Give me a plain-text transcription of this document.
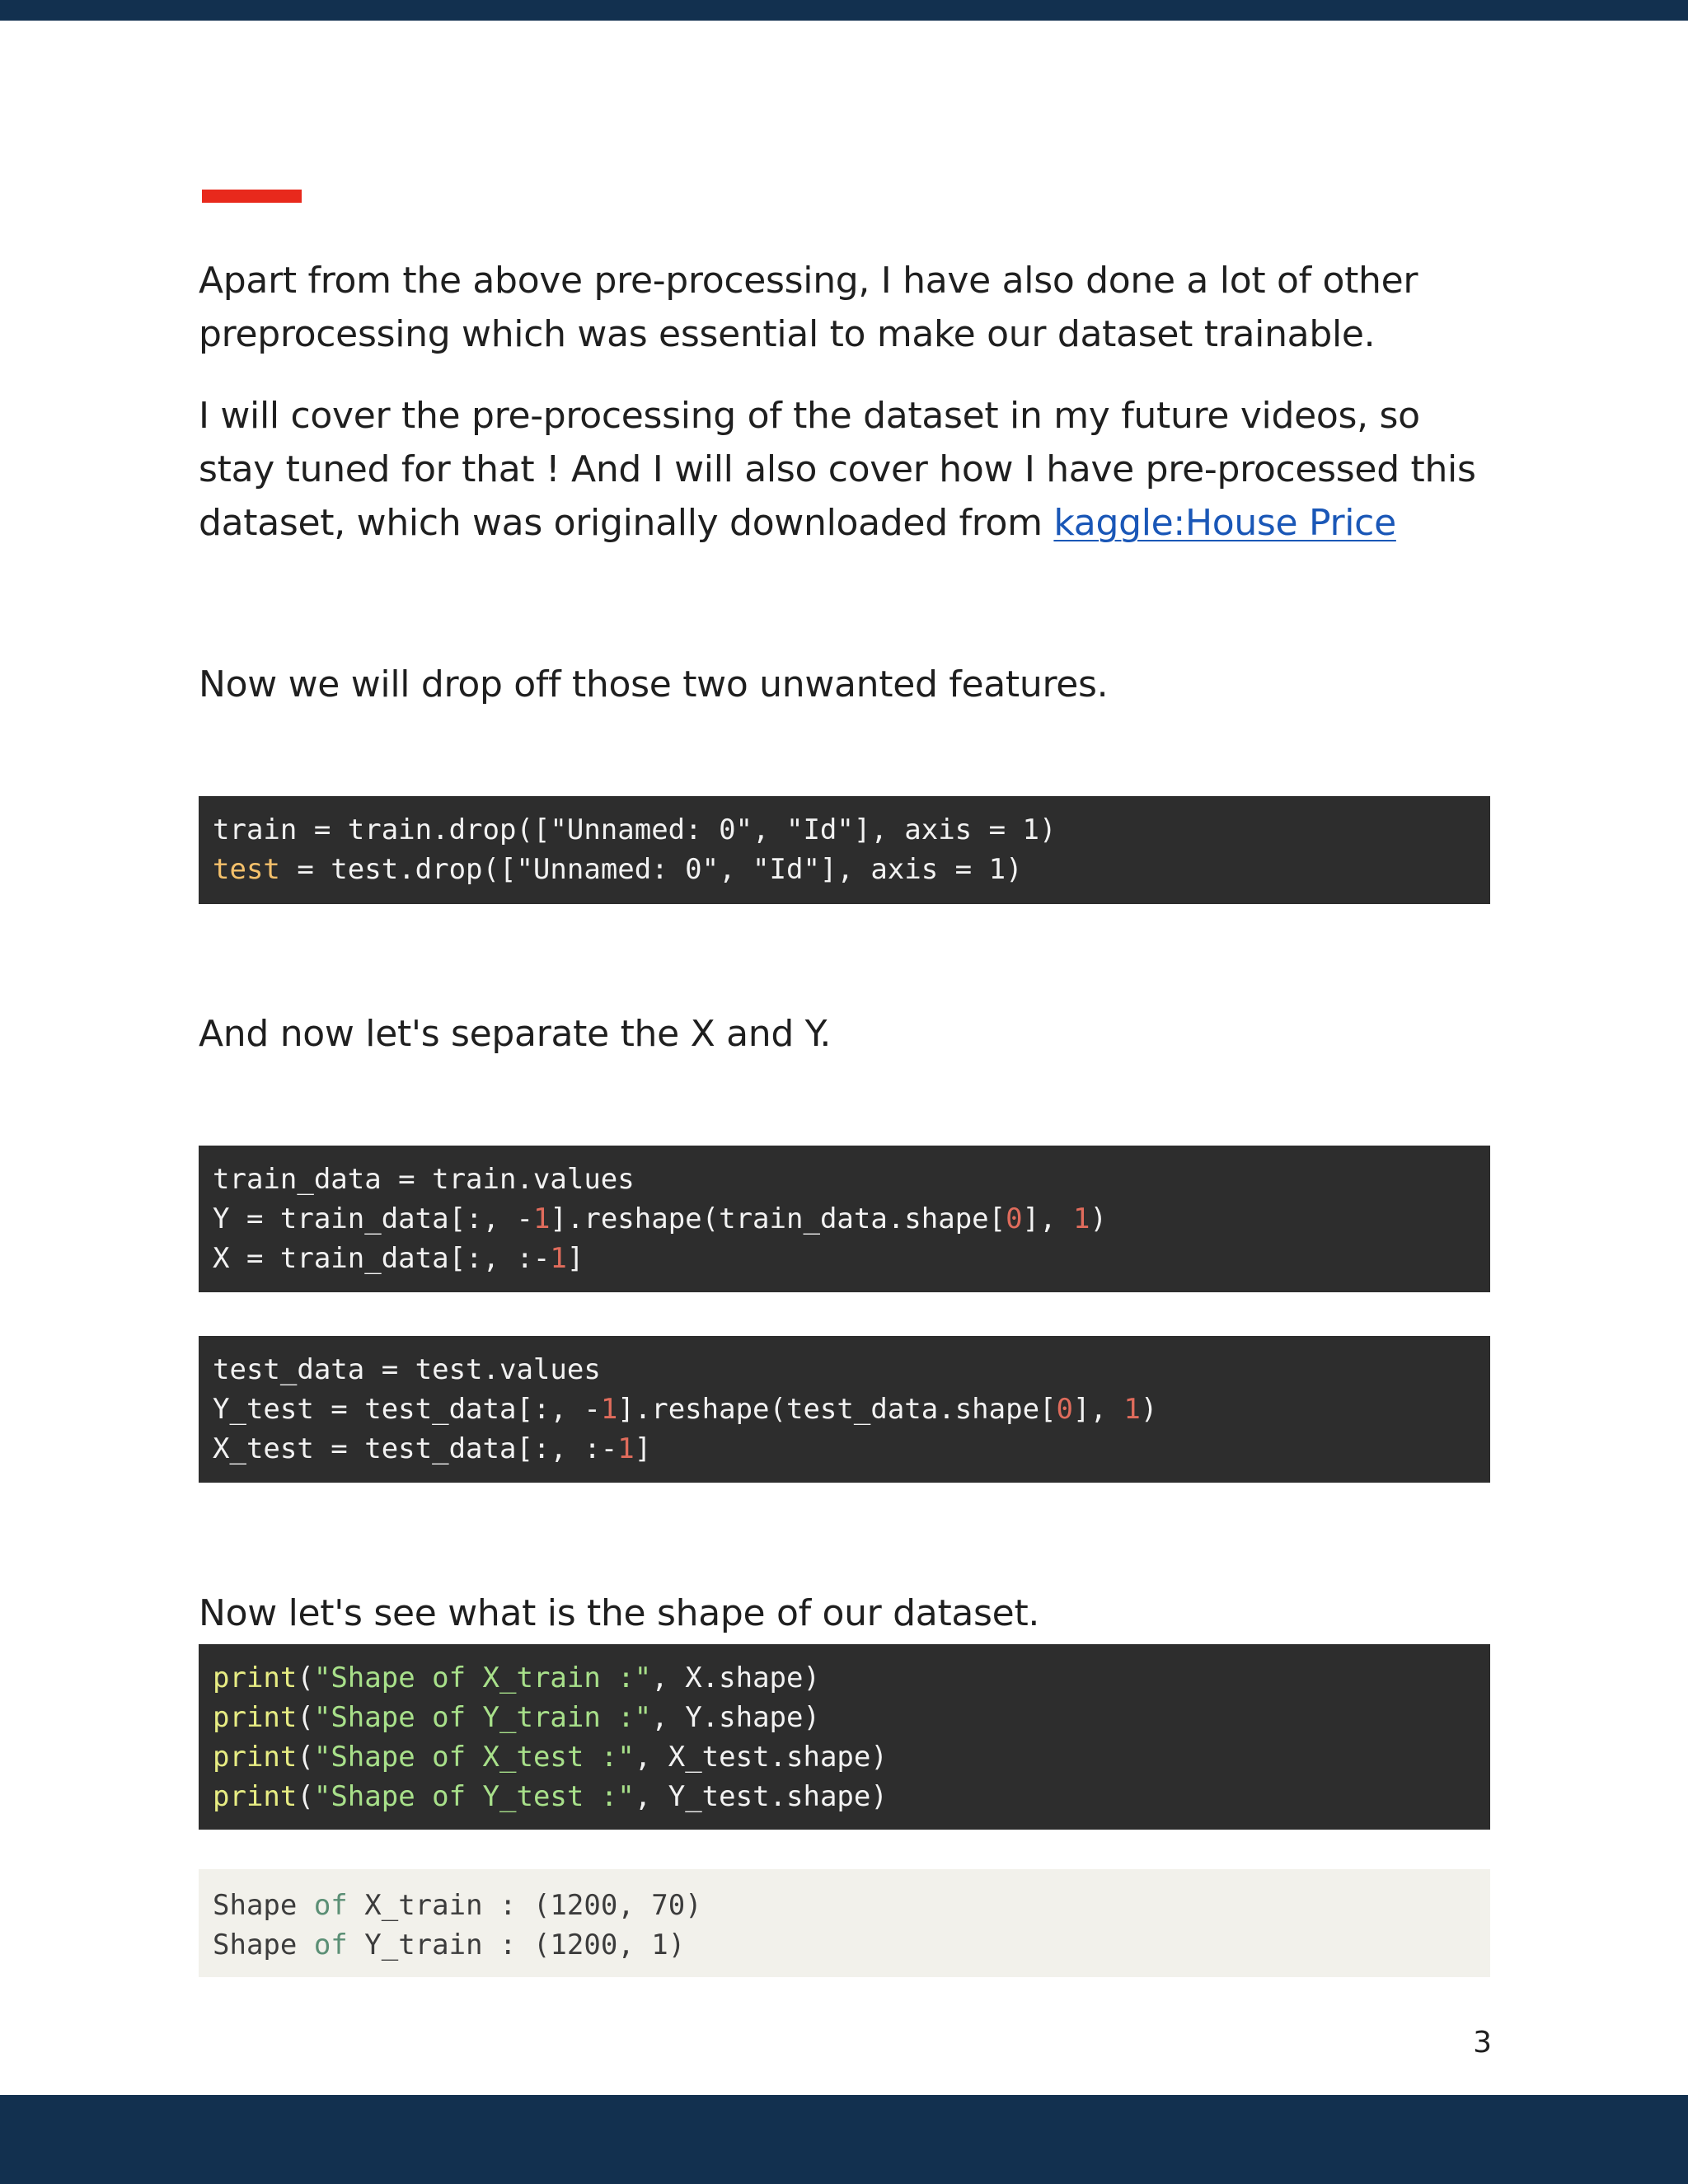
Apart from the above pre-processing, I have also done a lot of other preprocessing which was essential to make our dataset trainable.

I will cover the pre-processing of the dataset in my future videos, so stay tuned for that ! And I will also cover how I have pre-processed this dataset, which was originally downloaded from kaggle:House Price

Now we will drop off those two unwanted features.

train = train.drop(["Unnamed: 0", "Id"], axis = 1)
test = test.drop(["Unnamed: 0", "Id"], axis = 1)

And now let's separate the X and Y.

train_data = train.values
Y = train_data[:, -1].reshape(train_data.shape[0], 1)
X = train_data[:, :-1]
test_data = test.values
Y_test = test_data[:, -1].reshape(test_data.shape[0], 1)
X_test = test_data[:, :-1]

Now let's see what is the shape of our dataset.

print("Shape of X_train :", X.shape)
print("Shape of Y_train :", Y.shape)
print("Shape of X_test :", X_test.shape)
print("Shape of Y_test :", Y_test.shape)
Shape of X_train : (1200, 70)
Shape of Y_train : (1200, 1)
3
